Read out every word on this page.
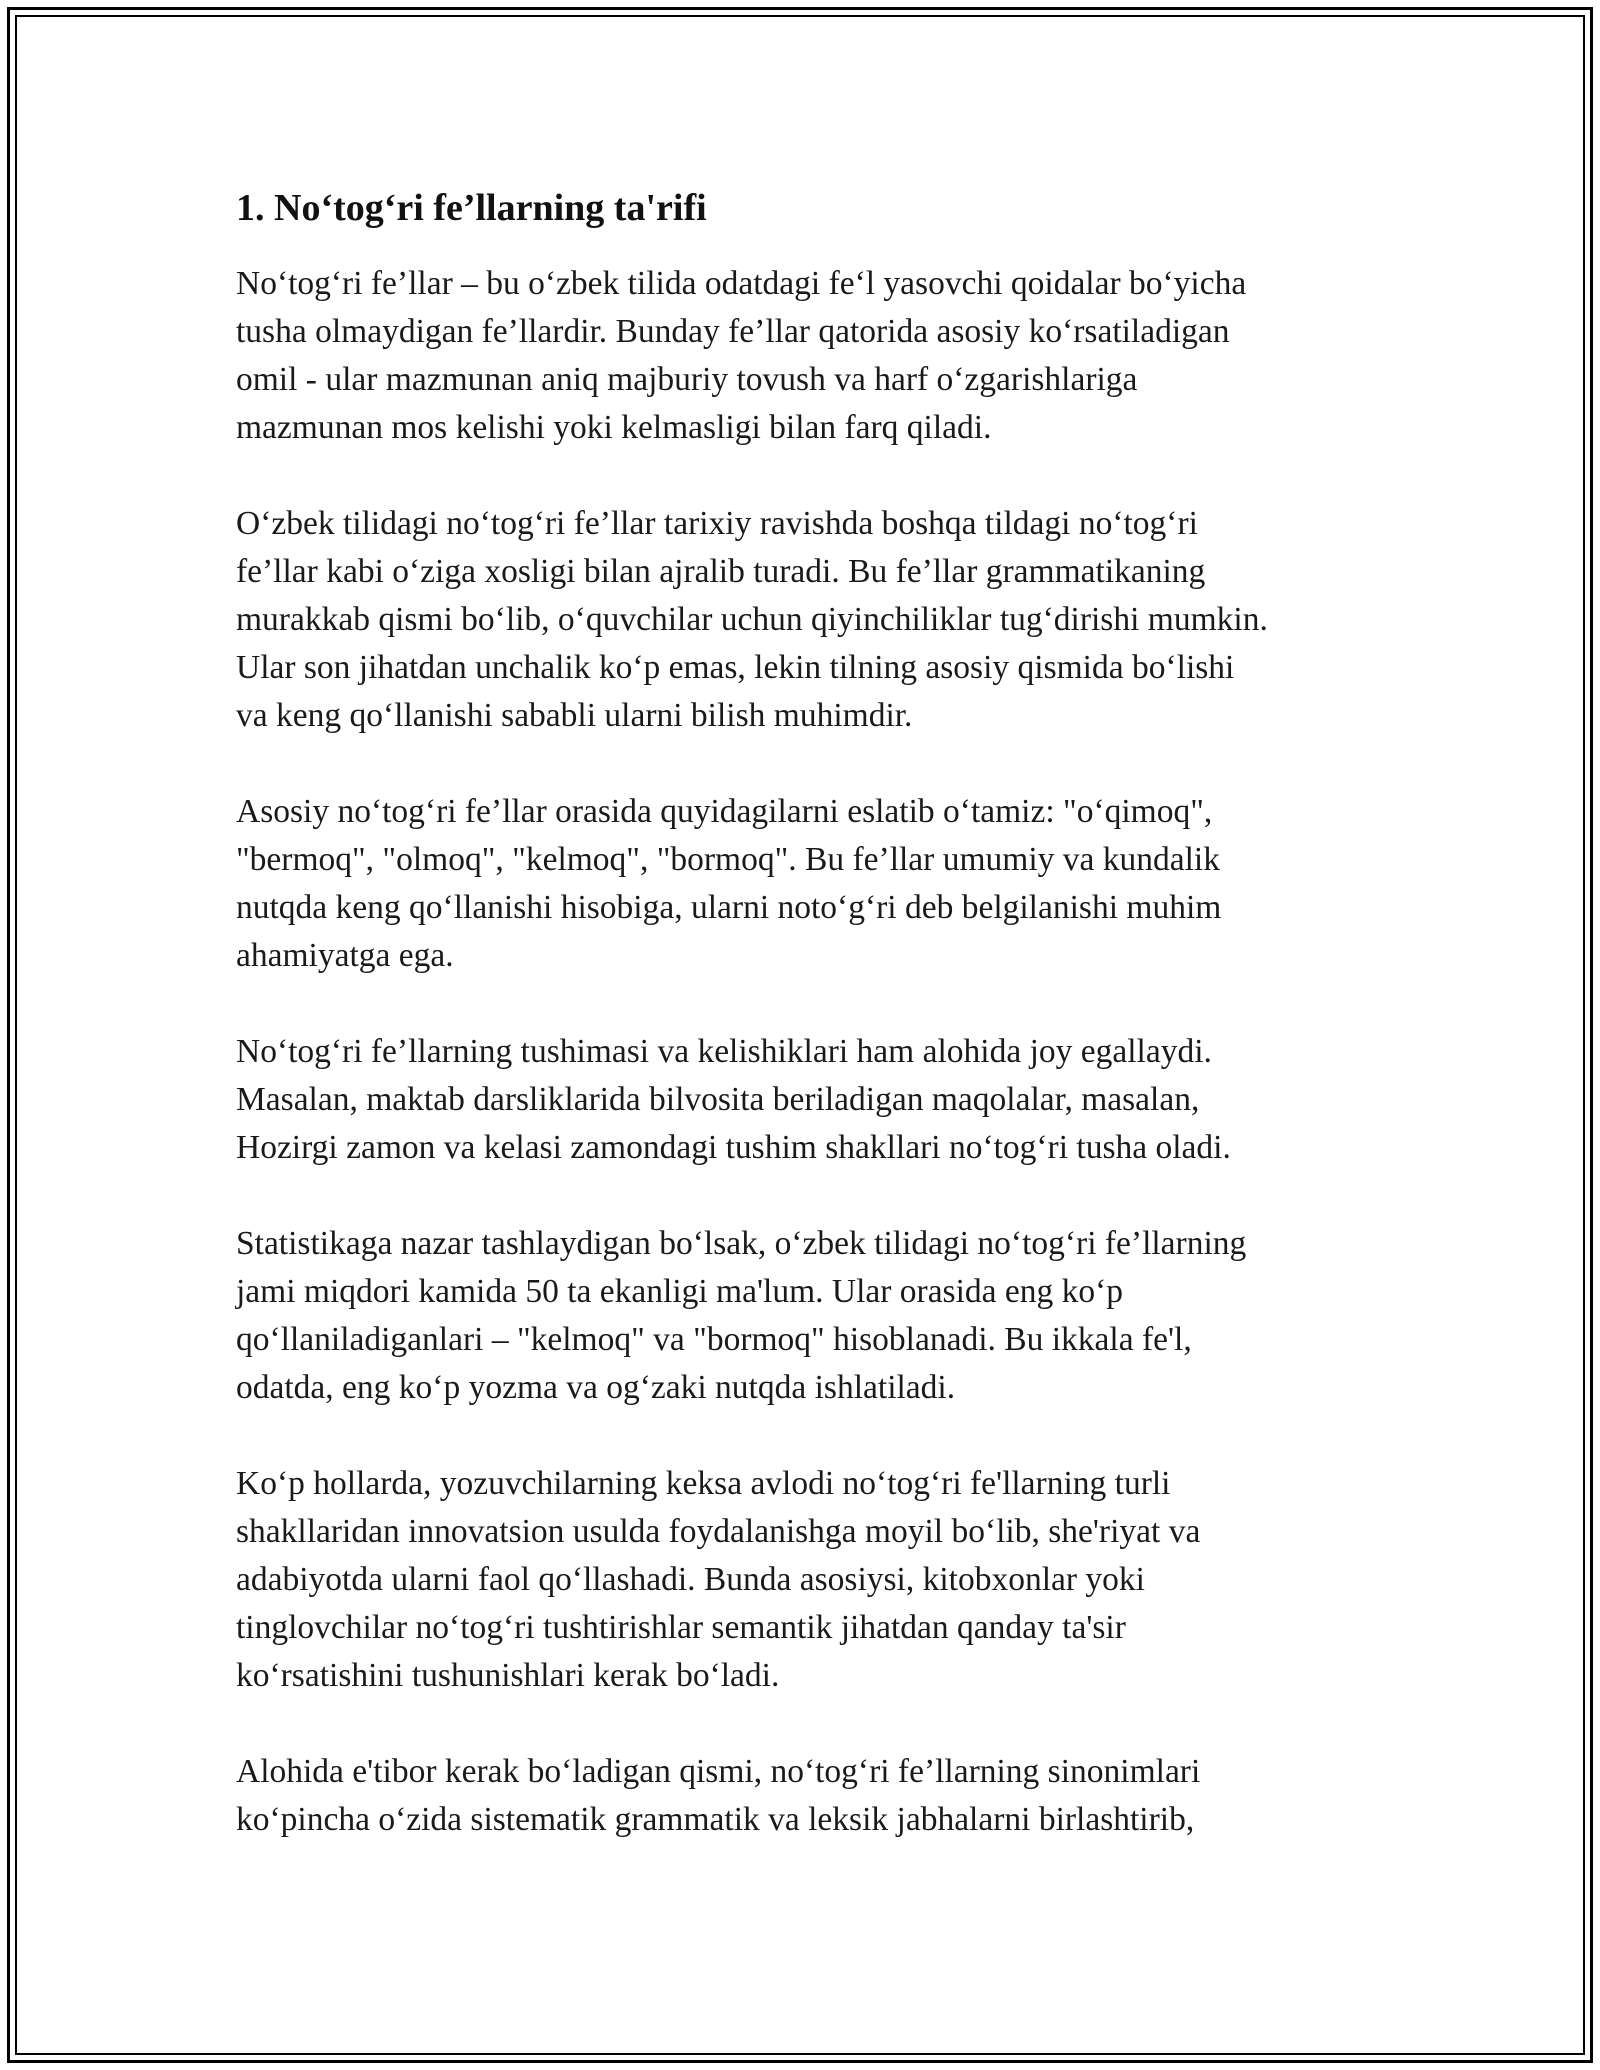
1. No‘tog‘ri fe’llarning ta'rifi

No‘tog‘ri fe’llar – bu o‘zbek tilida odatdagi fe‘l yasovchi qoidalar bo‘yicha
tusha olmaydigan fe’llardir. Bunday fe’llar qatorida asosiy ko‘rsatiladigan
omil - ular mazmunan aniq majburiy tovush va harf o‘zgarishlariga
mazmunan mos kelishi yoki kelmasligi bilan farq qiladi.

O‘zbek tilidagi no‘tog‘ri fe’llar tarixiy ravishda boshqa tildagi no‘tog‘ri
fe’llar kabi o‘ziga xosligi bilan ajralib turadi. Bu fe’llar grammatikaning
murakkab qismi bo‘lib, o‘quvchilar uchun qiyinchiliklar tug‘dirishi mumkin.
Ular son jihatdan unchalik ko‘p emas, lekin tilning asosiy qismida bo‘lishi
va keng qo‘llanishi sababli ularni bilish muhimdir.

Asosiy no‘tog‘ri fe’llar orasida quyidagilarni eslatib o‘tamiz: "o‘qimoq",
"bermoq", "olmoq", "kelmoq", "bormoq". Bu fe’llar umumiy va kundalik
nutqda keng qo‘llanishi hisobiga, ularni noto‘g‘ri deb belgilanishi muhim
ahamiyatga ega.

No‘tog‘ri fe’llarning tushimasi va kelishiklari ham alohida joy egallaydi.
Masalan, maktab darsliklarida bilvosita beriladigan maqolalar, masalan,
Hozirgi zamon va kelasi zamondagi tushim shakllari no‘tog‘ri tusha oladi.

Statistikaga nazar tashlaydigan bo‘lsak, o‘zbek tilidagi no‘tog‘ri fe’llarning
jami miqdori kamida 50 ta ekanligi ma'lum. Ular orasida eng ko‘p
qo‘llaniladiganlari – "kelmoq" va "bormoq" hisoblanadi. Bu ikkala fe'l,
odatda, eng ko‘p yozma va og‘zaki nutqda ishlatiladi.

Ko‘p hollarda, yozuvchilarning keksa avlodi no‘tog‘ri fe'llarning turli
shakllaridan innovatsion usulda foydalanishga moyil bo‘lib, she'riyat va
adabiyotda ularni faol qo‘llashadi. Bunda asosiysi, kitobxonlar yoki
tinglovchilar no‘tog‘ri tushtirishlar semantik jihatdan qanday ta'sir
ko‘rsatishini tushunishlari kerak bo‘ladi.

Alohida e'tibor kerak bo‘ladigan qismi, no‘tog‘ri fe’llarning sinonimlari
ko‘pincha o‘zida sistematik grammatik va leksik jabhalarni birlashtirib,
